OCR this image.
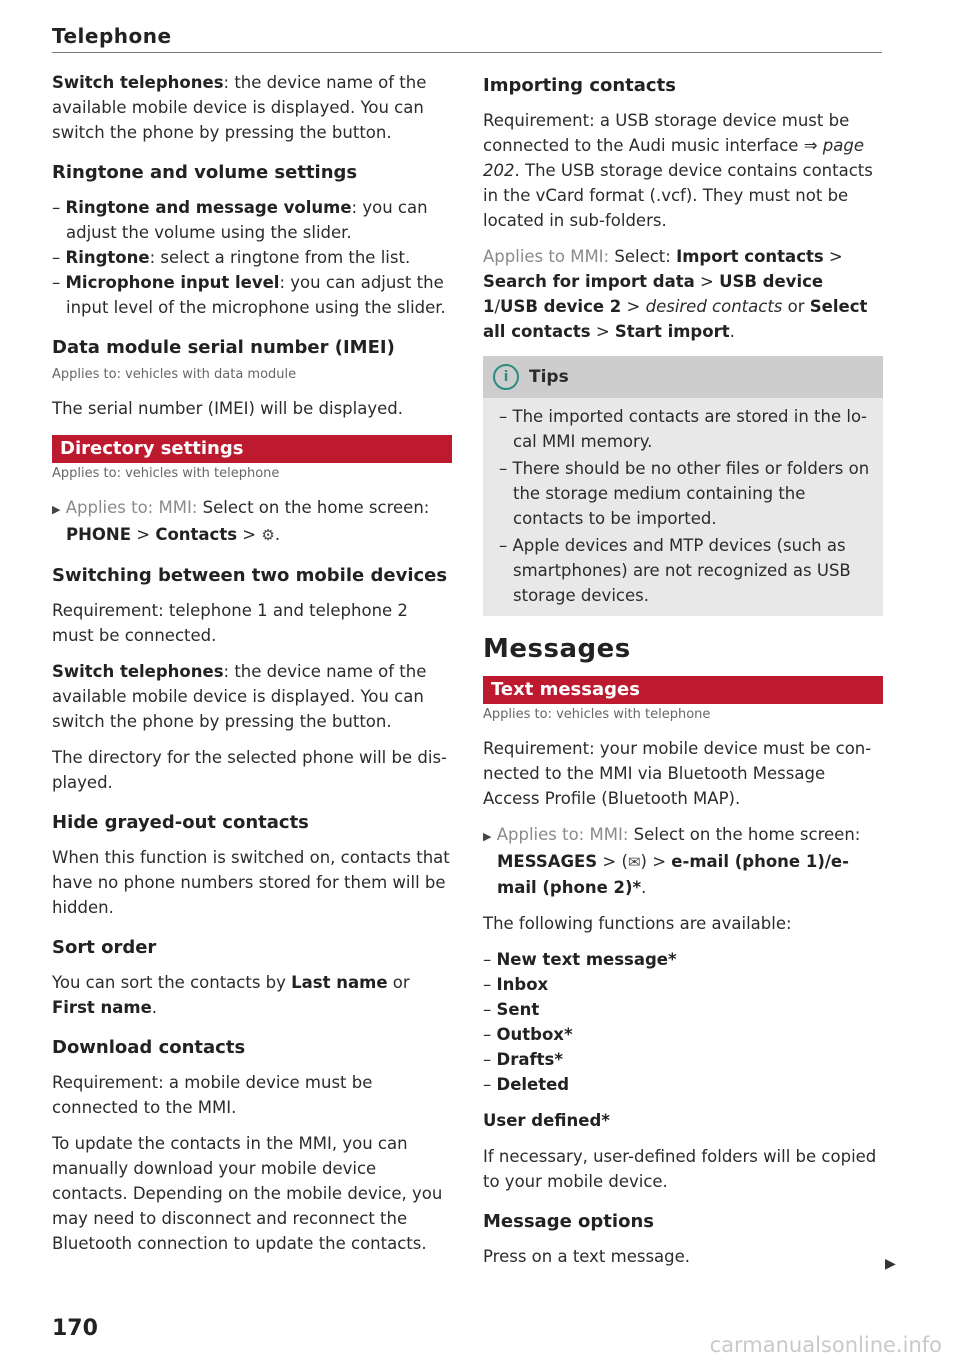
Telephone

Switch telephones: the device name of the available mobile device is displayed. You can switch the phone by pressing the button.

Ringtone and volume settings

– Ringtone and message volume: you can adjust the volume using the slider.

– Ringtone: select a ringtone from the list.

– Microphone input level: you can adjust the input level of the microphone using the slider.

Data module serial number (IMEI)
Applies to: vehicles with data module

The serial number (IMEI) will be displayed.

Directory settings
Applies to: vehicles with telephone

▶ Applies to: MMI: Select on the home screen: PHONE > Contacts > ⚙.

Switching between two mobile devices

Requirement: telephone 1 and telephone 2 must be connected.

Switch telephones: the device name of the available mobile device is displayed. You can switch the phone by pressing the button.

The directory for the selected phone will be displayed.

Hide grayed-out contacts

When this function is switched on, contacts that have no phone numbers stored for them will be hidden.

Sort order

You can sort the contacts by Last name or First name.

Download contacts

Requirement: a mobile device must be connected to the MMI.

To update the contacts in the MMI, you can manually download your mobile device contacts. Depending on the mobile device, you may need to disconnect and reconnect the Bluetooth connection to update the contacts.

Importing contacts

Requirement: a USB storage device must be connected to the Audi music interface ⇒ page 202. The USB storage device contains contacts in the vCard format (.vcf). They must not be located in sub-folders.

Applies to MMI: Select: Import contacts > Search for import data > USB device 1/USB device 2 > desired contacts or Select all contacts > Start import.

i	Tips

– The imported contacts are stored in the local MMI memory.

– There should be no other files or folders on the storage medium containing the contacts to be imported.

– Apple devices and MTP devices (such as smartphones) are not recognized as USB storage devices.

Messages
Text messages
Applies to: vehicles with telephone

Requirement: your mobile device must be connected to the MMI via Bluetooth Message Access Profile (Bluetooth MAP).

▶ Applies to: MMI: Select on the home screen: MESSAGES > (✉) > e-mail (phone 1)/e-mail (phone 2)*.

The following functions are available:

– New text message*

– Inbox

– Sent

– Outbox*

– Drafts*

– Deleted

User defined*

If necessary, user-defined folders will be copied to your mobile device.

Message options

Press on a text message.	▶
170
carmanualsonline.info
